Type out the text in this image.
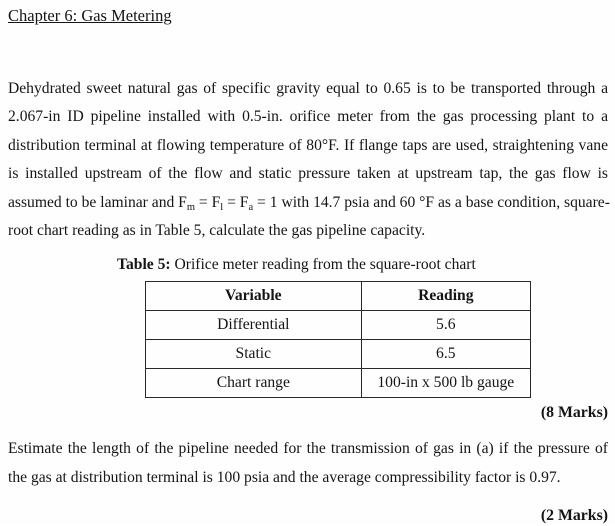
Chapter 6: Gas Metering
Dehydrated sweet natural gas of specific gravity equal to 0.65 is to be transported through a
2.067-in ID pipeline installed with 0.5-in. orifice meter from the gas processing plant to a
distribution terminal at flowing temperature of 80°F. If flange taps are used, straightening vane
is installed upstream of the flow and static pressure taken at upstream tap, the gas flow is
assumed to be laminar and $F_m = F_l = F_a = 1$ with 14.7 psia and 60 °F as a base condition, square-
root chart reading as in Table 5, calculate the gas pipeline capacity.
Table 5: Orifice meter reading from the square-root chart
Variable	Reading
Differential	5.6
Static	6.5
Chart range	100-in x 500 lb gauge
(8 Marks)
Estimate the length of the pipeline needed for the transmission of gas in (a) if the pressure of
the gas at distribution terminal is 100 psia and the average compressibility factor is 0.97.
(2 Marks)
